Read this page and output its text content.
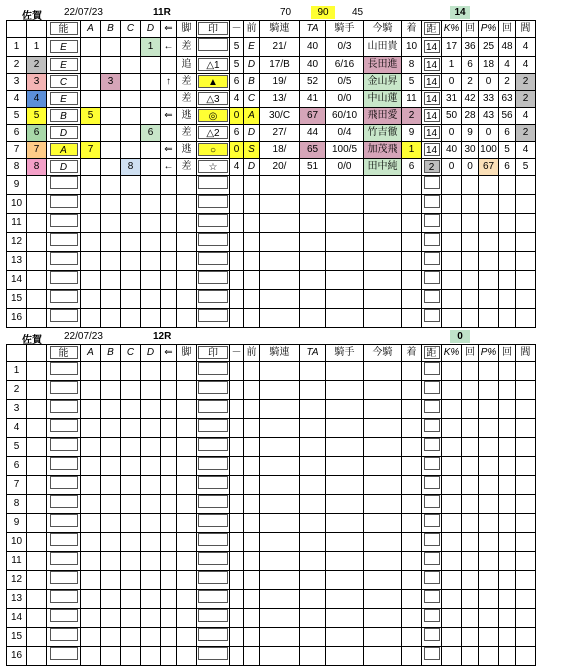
佐賀 22/07/23	11R	70	90	45	14
		能	A	B	C	D	⇐	脚	印	－	前	騎連	TA	騎手	今騎	着	距	K%	回	P%	回	閻
1	1	E				1	←	差		5	E	21/	40	0/3	山田貴	10	14	17	36	25	48	4
2	2	E						追	△1	5	D	17/B	40	6/16	長田進	8	14	1	6	18	4	4
3	3	C		3			↑	差	▲	6	B	19/	52	0/5	金山昇	5	14	0	2	0	2	2
4	4	E						差	△3	4	C	13/	41	0/0	中山蓮	11	14	31	42	33	63	2
5	5	B	5				⇐	逃	◎	0	A	30/C	67	60/10	飛田愛	2	14	50	28	43	56	4
6	6	D				6		差	△2	6	D	27/	44	0/4	竹吉徹	9	14	0	9	0	6	2
7	7	A	7				⇐	逃	○	0	S	18/	65	100/5	加茂飛	1	14	40	30	100	5	4
8	8	D			8		←	差	☆	4	D	20/	51	0/0	田中純	6	2	0	0	67	6	5
9																						
10																						
11																						
12																						
13																						
14																						
15																						
16																						
佐賀 22/07/23	12R	0
		能	A	B	C	D	⇐	脚	印	－	前	騎連	TA	騎手	今騎	着	距	K%	回	P%	回	閻
1																						
2																						
3																						
4																						
5																						
6																						
7																						
8																						
9																						
10																						
11																						
12																						
13																						
14																						
15																						
16																						
